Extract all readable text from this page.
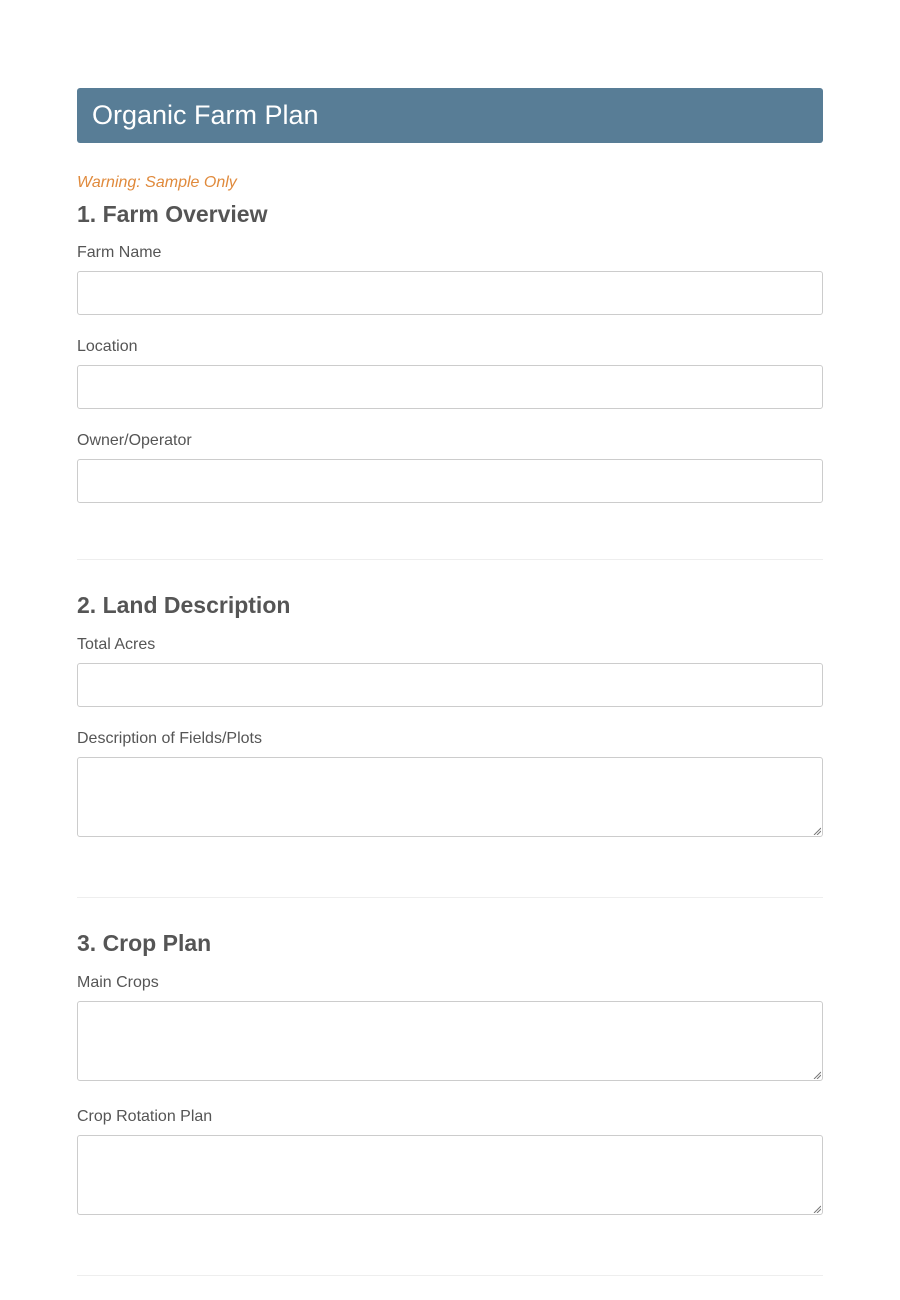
Organic Farm Plan
Warning: Sample Only
1. Farm Overview
Farm Name
Location
Owner/Operator
2. Land Description
Total Acres
Description of Fields/Plots
3. Crop Plan
Main Crops
Crop Rotation Plan
